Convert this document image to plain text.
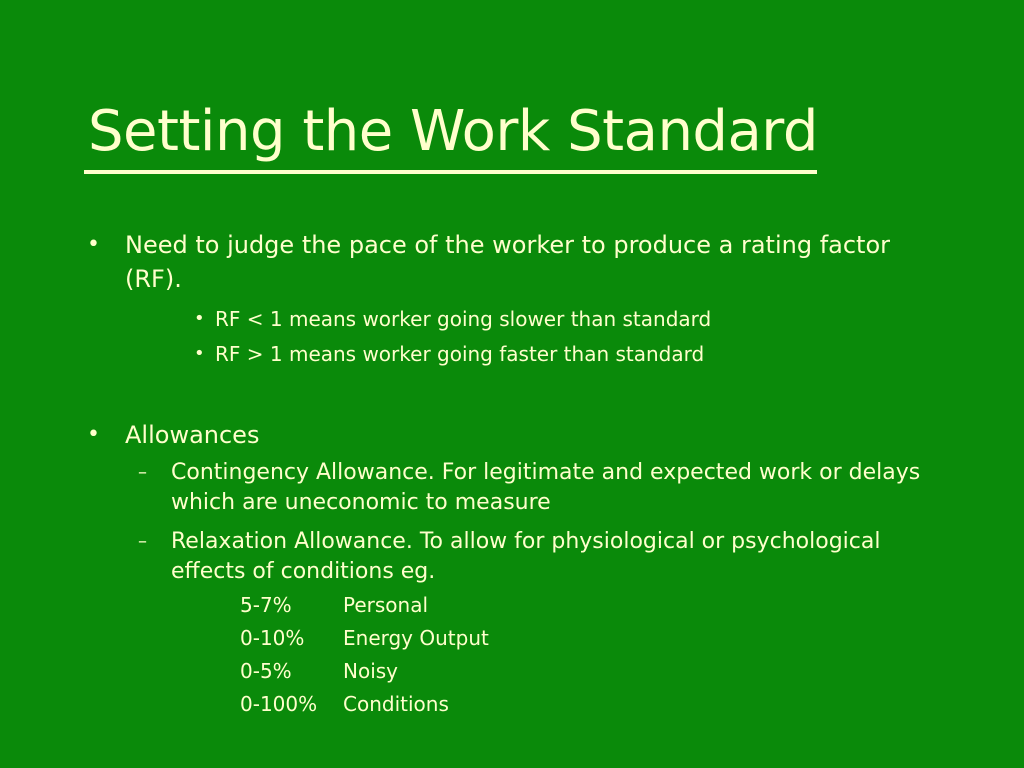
Setting the Work Standard
• Need to judge the pace of the worker to produce a rating factor (RF).
• RF < 1 means worker going slower than standard
• RF > 1 means worker going faster than standard
• Allowances
– Contingency Allowance. For legitimate and expected work or delays which are uneconomic to measure
– Relaxation Allowance. To allow for physiological or psychological effects of conditions eg.
5-7%	Personal
0-10% Energy Output
0-5%	Noisy
0-100% Conditions
